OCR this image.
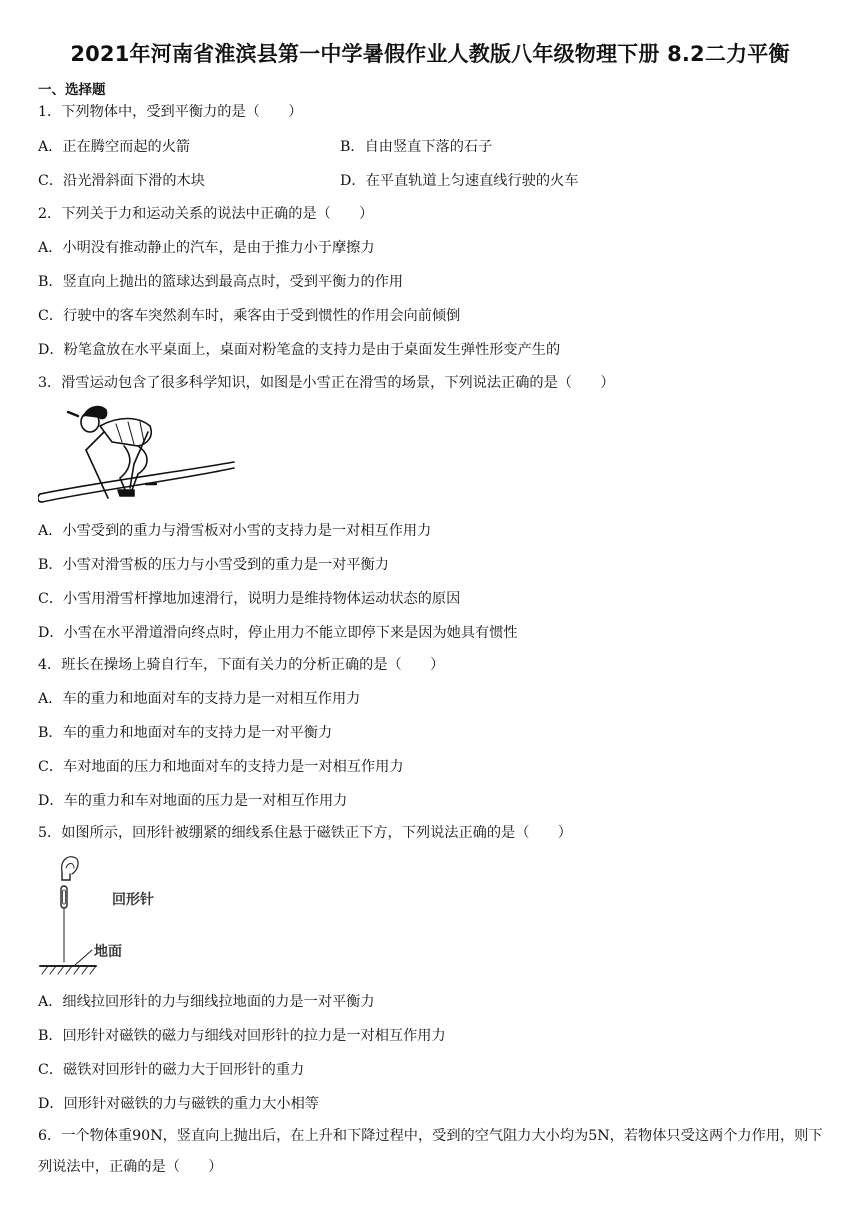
2021年河南省淮滨县第一中学暑假作业人教版八年级物理下册 8.2二力平衡
一、选择题
1．下列物体中，受到平衡力的是（　　）
A．正在腾空而起的火箭	B．自由竖直下落的石子
C．沿光滑斜面下滑的木块	D．在平直轨道上匀速直线行驶的火车
2．下列关于力和运动关系的说法中正确的是（　　）
A．小明没有推动静止的汽车，是由于推力小于摩擦力
B．竖直向上抛出的篮球达到最高点时，受到平衡力的作用
C．行驶中的客车突然刹车时，乘客由于受到惯性的作用会向前倾倒
D．粉笔盒放在水平桌面上，桌面对粉笔盒的支持力是由于桌面发生弹性形变产生的
3．滑雪运动包含了很多科学知识，如图是小雪正在滑雪的场景，下列说法正确的是（　　）
A．小雪受到的重力与滑雪板对小雪的支持力是一对相互作用力
B．小雪对滑雪板的压力与小雪受到的重力是一对平衡力
C．小雪用滑雪杆撑地加速滑行，说明力是维持物体运动状态的原因
D．小雪在水平滑道滑向终点时，停止用力不能立即停下来是因为她具有惯性
4．班长在操场上骑自行车，下面有关力的分析正确的是（　　）
A．车的重力和地面对车的支持力是一对相互作用力
B．车的重力和地面对车的支持力是一对平衡力
C．车对地面的压力和地面对车的支持力是一对相互作用力
D．车的重力和车对地面的压力是一对相互作用力
5．如图所示，回形针被绷紧的细线系住悬于磁铁正下方，下列说法正确的是（　　）
回形针
地面
A．细线拉回形针的力与细线拉地面的力是一对平衡力
B．回形针对磁铁的磁力与细线对回形针的拉力是一对相互作用力
C．磁铁对回形针的磁力大于回形针的重力
D．回形针对磁铁的力与磁铁的重力大小相等
6．一个物体重90N，竖直向上抛出后，在上升和下降过程中，受到的空气阻力大小均为5N，若物体只受这两个力作用，则下列说法中，正确的是（　　）
